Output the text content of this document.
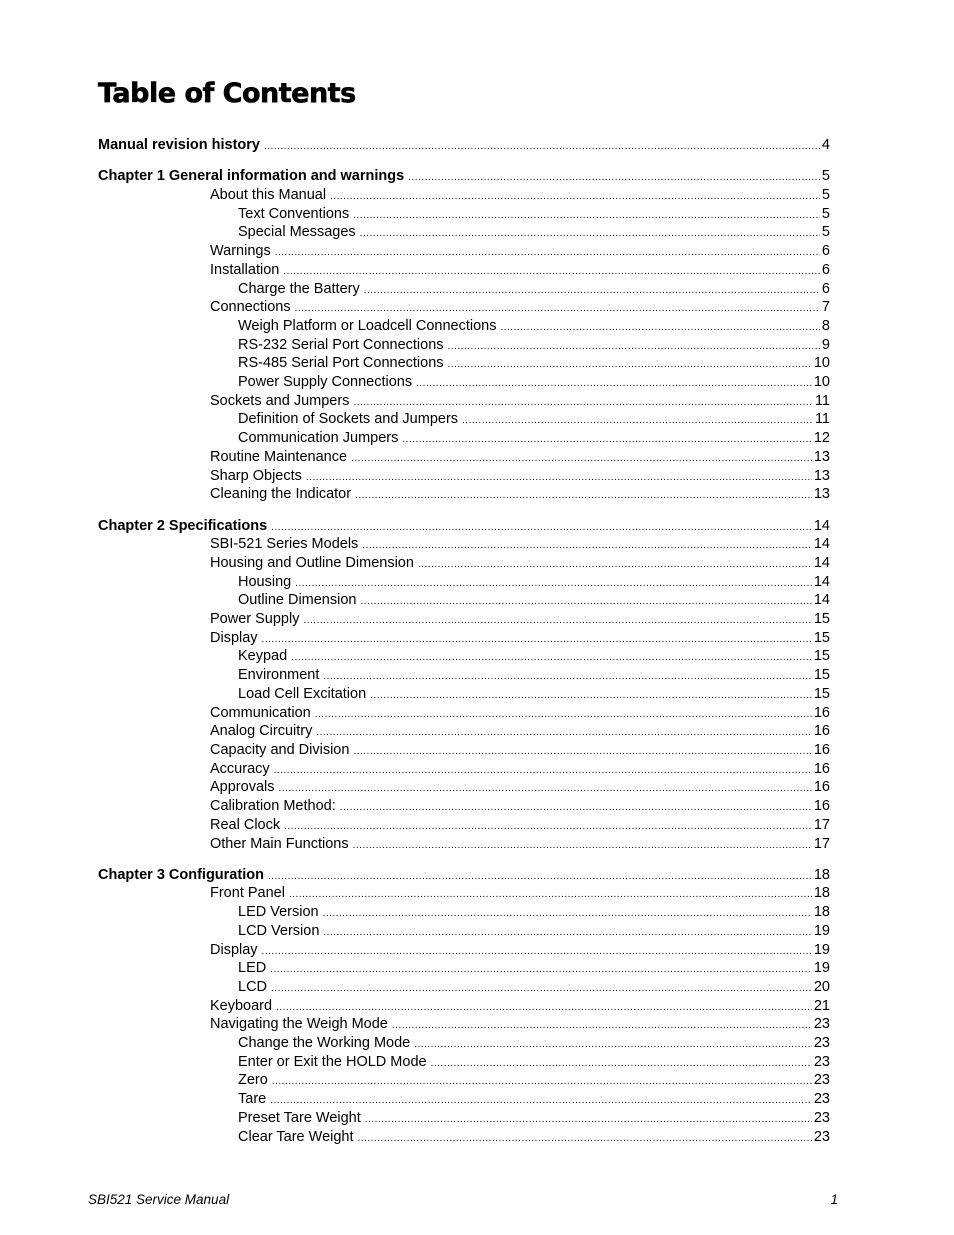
Table of Contents
Manual revision history .....	4
Chapter 1 General information and warnings .....	5
About this Manual .....	5
Text Conventions .....	5
Special Messages .....	5
Warnings .....	6
Installation .....	6
Charge the Battery .....	6
Connections .....	7
Weigh Platform or Loadcell Connections .....	8
RS-232 Serial Port Connections .....	9
RS-485 Serial Port Connections .....	10
Power Supply Connections .....	10
Sockets and Jumpers .....	11
Definition of Sockets and Jumpers .....	11
Communication Jumpers .....	12
Routine Maintenance .....	13
Sharp Objects .....	13
Cleaning the Indicator .....	13
Chapter 2 Specifications .....	14
SBI-521 Series Models .....	14
Housing and Outline Dimension .....	14
Housing .....	14
Outline Dimension .....	14
Power Supply .....	15
Display .....	15
Keypad .....	15
Environment .....	15
Load Cell Excitation .....	15
Communication .....	16
Analog Circuitry .....	16
Capacity and Division .....	16
Accuracy .....	16
Approvals .....	16
Calibration Method: .....	16
Real Clock .....	17
Other Main Functions .....	17
Chapter 3 Configuration .....	18
Front Panel .....	18
LED Version .....	18
LCD Version .....	19
Display .....	19
LED .....	19
LCD .....	20
Keyboard .....	21
Navigating the Weigh Mode .....	23
Change the Working Mode .....	23
Enter or Exit the HOLD Mode .....	23
Zero .....	23
Tare .....	23
Preset Tare Weight .....	23
Clear Tare Weight .....	23
SBI521 Service Manual	1
